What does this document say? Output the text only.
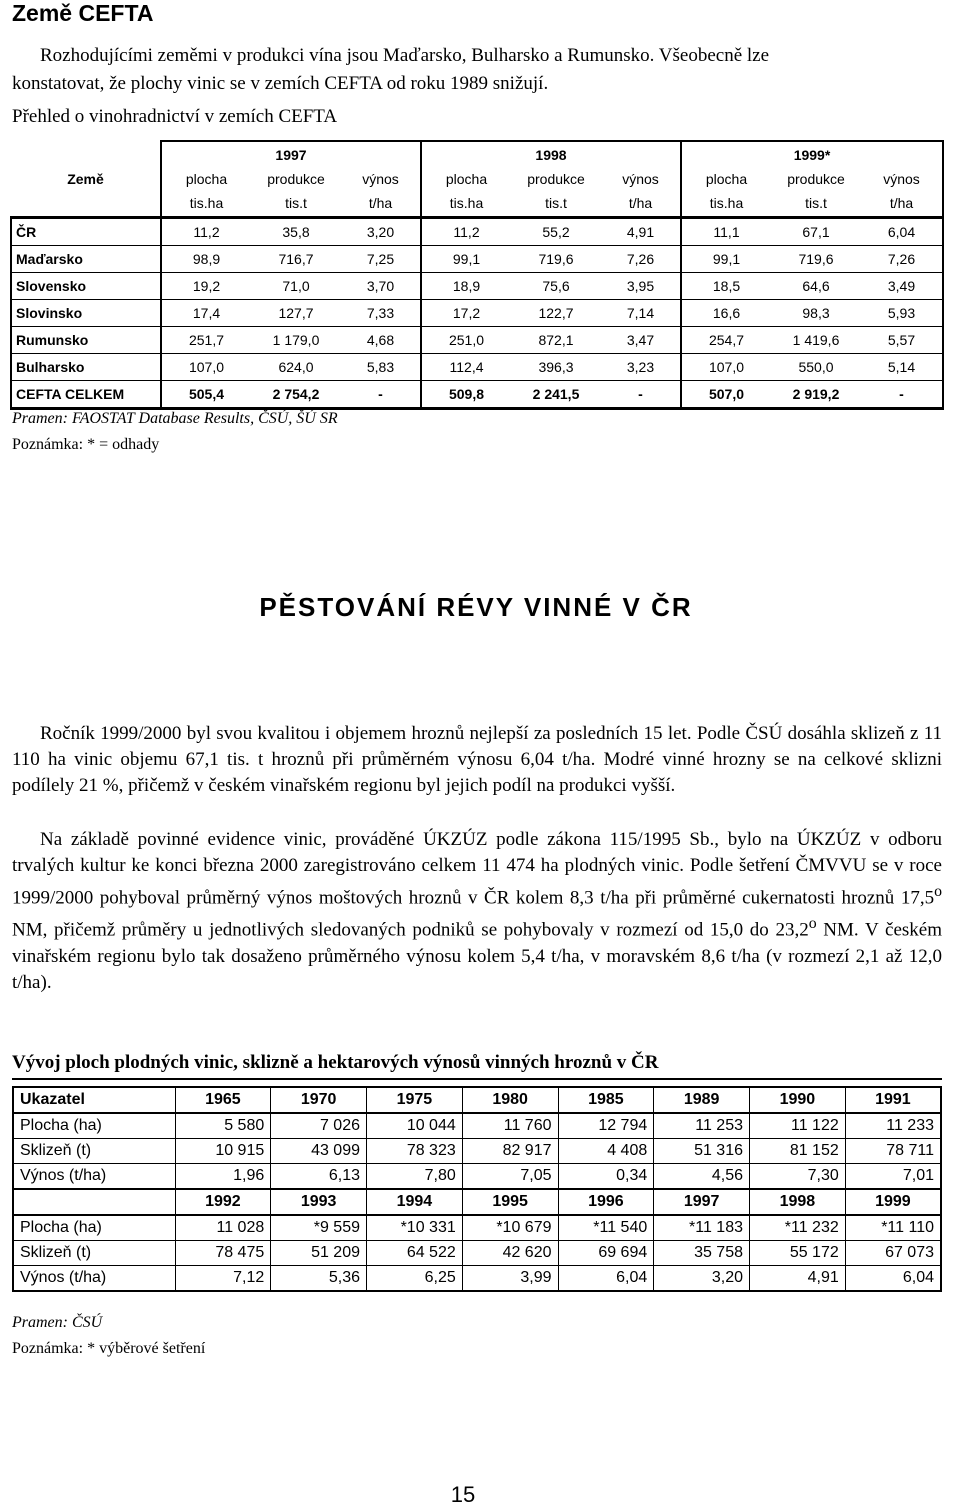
Země CEFTA

Rozhodujícími zeměmi v produkci vína jsou Maďarsko, Bulharsko a Rumunsko. Všeobecně lze

konstatovat, že plochy vinic se v zemích CEFTA od roku 1989 snižují.

Přehled o vinohradnictví v zemích CEFTA

	1997			1998			1999*		
Země	plocha	produkce	výnos	plocha	produkce	výnos	plocha	produkce	výnos
	tis.ha	tis.t	t/ha	tis.ha	tis.t	t/ha	tis.ha	tis.t	t/ha
ČR	11,2	35,8	3,20	11,2	55,2	4,91	11,1	67,1	6,04
Maďarsko	98,9	716,7	7,25	99,1	719,6	7,26	99,1	719,6	7,26
Slovensko	19,2	71,0	3,70	18,9	75,6	3,95	18,5	64,6	3,49
Slovinsko	17,4	127,7	7,33	17,2	122,7	7,14	16,6	98,3	5,93
Rumunsko	251,7	1 179,0	4,68	251,0	872,1	3,47	254,7	1 419,6	5,57
Bulharsko	107,0	624,0	5,83	112,4	396,3	3,23	107,0	550,0	5,14
CEFTA CELKEM	505,4	2 754,2	-	509,8	2 241,5	-	507,0	2 919,2	-

Pramen: FAOSTAT Database Results, ČSÚ, ŠÚ SR

Poznámka: * = odhady

PĚSTOVÁNÍ RÉVY VINNÉ V ČR

Ročník 1999/2000 byl svou kvalitou i objemem hroznů nejlepší za posledních 15 let. Podle ČSÚ dosáhla sklizeň z 11 110 ha vinic objemu 67,1 tis. t hroznů při průměrném výnosu 6,04 t/ha. Modré vinné hrozny se na celkové sklizni podílely 21 %, přičemž v českém vinařském regionu byl jejich podíl na produkci vyšší.

Na základě povinné evidence vinic, prováděné ÚKZÚZ podle zákona 115/1995 Sb., bylo na ÚKZÚZ v odboru trvalých kultur ke konci března 2000 zaregistrováno celkem 11 474 ha plodných vinic. Podle šetření ČMVVU se v roce 1999/2000 pohyboval průměrný výnos moštových hroznů v ČR kolem 8,3 t/ha při průměrné cukernatosti hroznů 17,5$^o$ NM, přičemž průměry u jednotlivých sledovaných podniků se pohybovaly v rozmezí od 15,0 do 23,2$^o$ NM. V českém vinařském regionu bylo tak dosaženo průměrného výnosu kolem 5,4 t/ha, v moravském 8,6 t/ha (v rozmezí 2,1 až 12,0 t/ha).

Vývoj ploch plodných vinic, sklizně a hektarových výnosů vinných hroznů v ČR

Ukazatel	1965	1970	1975	1980	1985	1989	1990	1991
Plocha (ha)	5 580	7 026	10 044	11 760	12 794	11 253	11 122	11 233
Sklizeň (t)	10 915	43 099	78 323	82 917	4 408	51 316	81 152	78 711
Výnos (t/ha)	1,96	6,13	7,80	7,05	0,34	4,56	7,30	7,01
	1992	1993	1994	1995	1996	1997	1998	1999
Plocha (ha)	11 028	*9 559	*10 331	*10 679	*11 540	*11 183	*11 232	*11 110
Sklizeň (t)	78 475	51 209	64 522	42 620	69 694	35 758	55 172	67 073
Výnos (t/ha)	7,12	5,36	6,25	3,99	6,04	3,20	4,91	6,04

Pramen: ČSÚ

Poznámka: * výběrové šetření

15
